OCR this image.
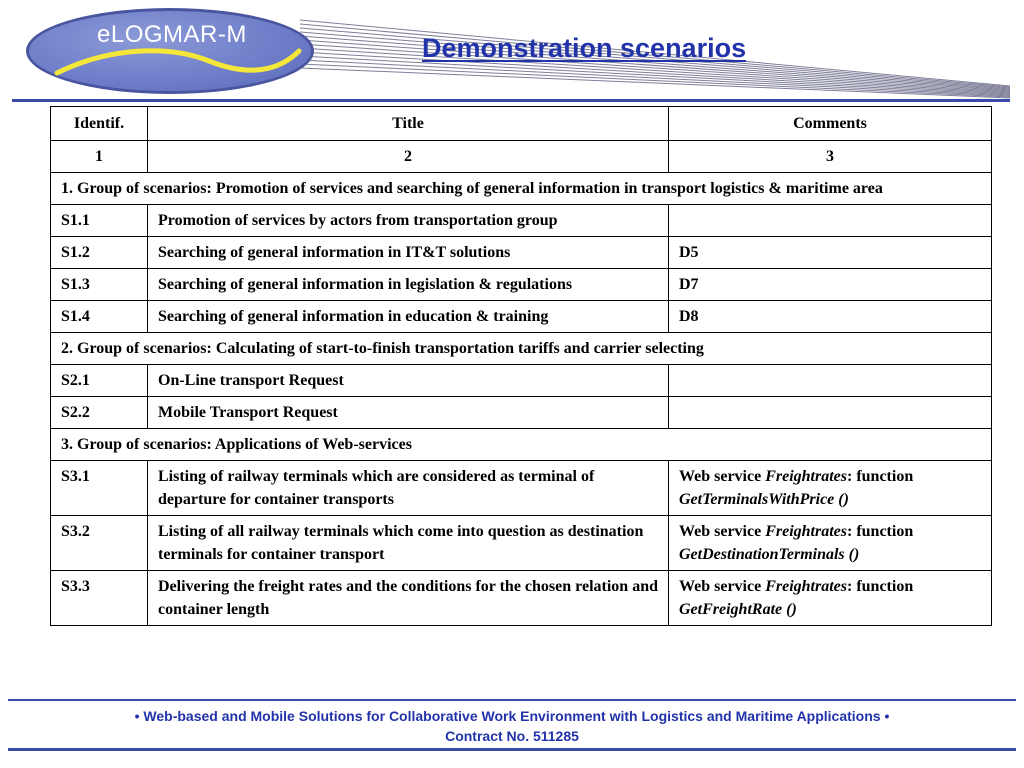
eLOGMAR-M	Demonstration scenarios
Identif.	Title	Comments
1	2	3
1. Group of scenarios: Promotion of services and searching of general information in transport logistics & maritime area		
S1.1	Promotion of services by actors from transportation group	
S1.2	Searching of general information in IT&T solutions	D5
S1.3	Searching of general information in legislation & regulations	D7
S1.4	Searching of general information in education & training	D8
2. Group of scenarios: Calculating of start-to-finish transportation tariffs and carrier selecting		
S2.1	On-Line transport Request	
S2.2	Mobile Transport Request	
3. Group of scenarios: Applications of Web-services		
S3.1	Listing of railway terminals which are considered as terminal of departure for container transports	Web service Freightrates: function
GetTerminalsWithPrice ()
S3.2	Listing of all railway terminals which come into question as destination terminals for container transport	Web service Freightrates: function
GetDestinationTerminals ()
S3.3	Delivering the freight rates and the conditions for the chosen relation and container length	Web service Freightrates: function
GetFreightRate ()
• Web-based and Mobile Solutions for Collaborative Work Environment with Logistics and Maritime Applications •
Contract No. 511285
